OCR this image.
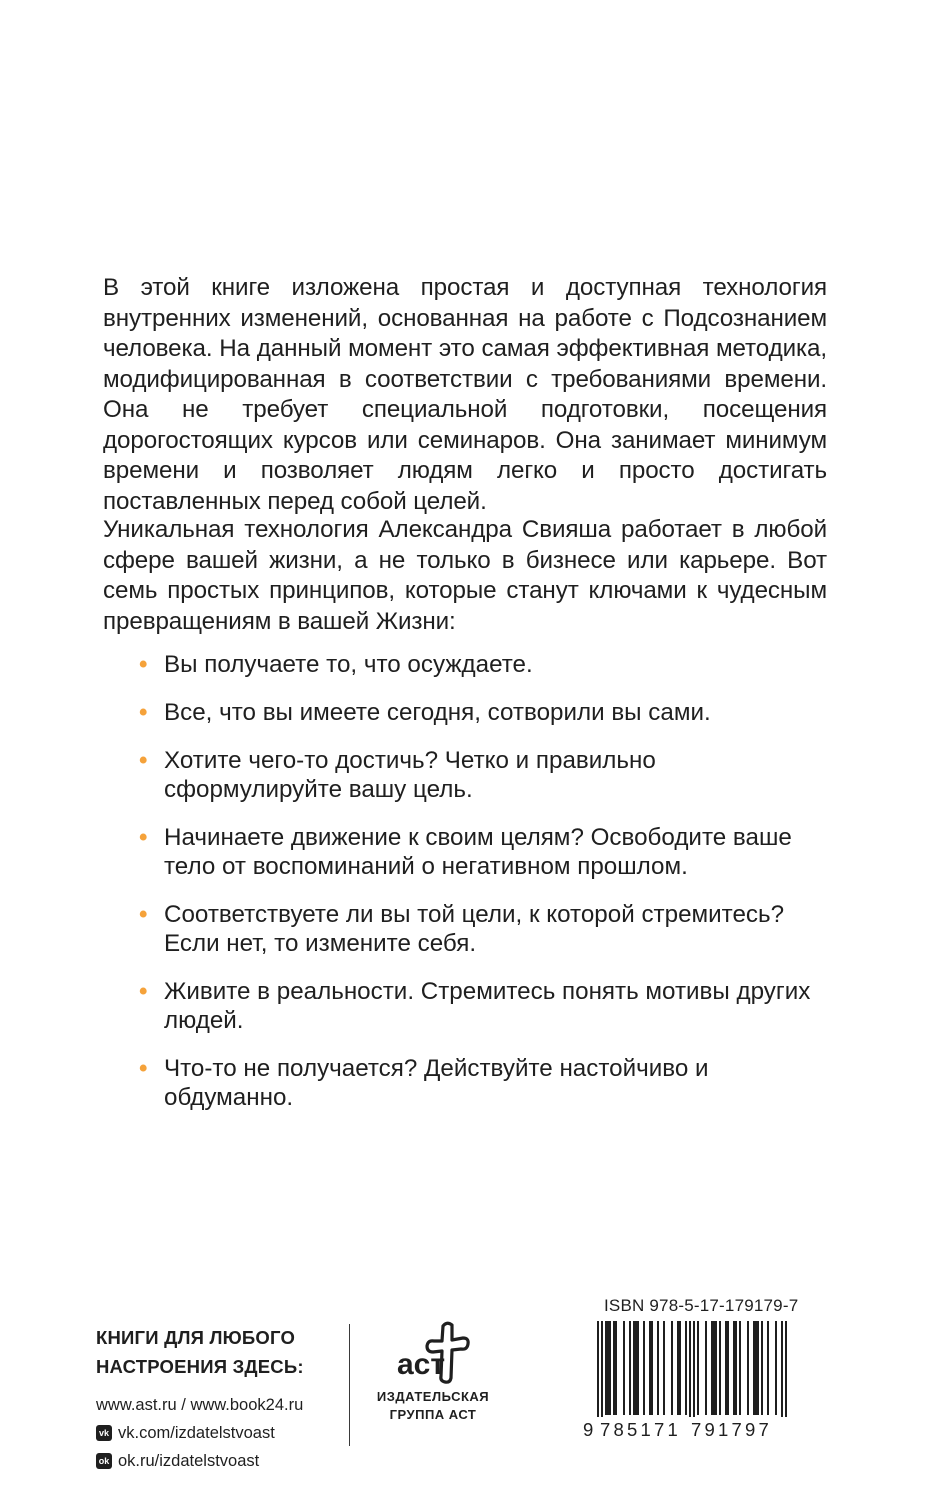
В этой книге изложена простая и доступная технология внутренних изменений, основанная на работе с Подсознанием человека. На данный момент это самая эффективная методика, модифицированная в соответствии с требованиями времени. Она не требует специальной подготовки, посещения дорогостоящих курсов или семинаров. Она занимает минимум времени и позволяет людям легко и просто достигать поставленных перед собой целей.

Уникальная технология Александра Свияша работает в любой сфере вашей жизни, а не только в бизнесе или карьере. Вот семь простых принципов, которые станут ключами к чудесным превращениям в вашей Жизни:

• Вы получаете то, что осуждаете.
• Все, что вы имеете сегодня, сотворили вы сами.
• Хотите чего-то достичь? Четко и правильно сформулируйте вашу цель.
• Начинаете движение к своим целям? Освободите ваше тело от воспоминаний о негативном прошлом.
• Соответствуете ли вы той цели, к которой стремитесь? Если нет, то измените себя.
• Живите в реальности. Стремитесь понять мотивы других людей.
• Что-то не получается? Действуйте настойчиво и обдуманно.

КНИГИ ДЛЯ ЛЮБОГО
НАСТРОЕНИЯ ЗДЕСЬ:

www.ast.ru / www.book24.ru
vk vk.com/izdatelstvoast
ok ok.ru/izdatelstvoast
аст
ИЗДАТЕЛЬСКАЯ
ГРУППА АСТ
ISBN 978-5-17-179179-7
9 785171 791797
